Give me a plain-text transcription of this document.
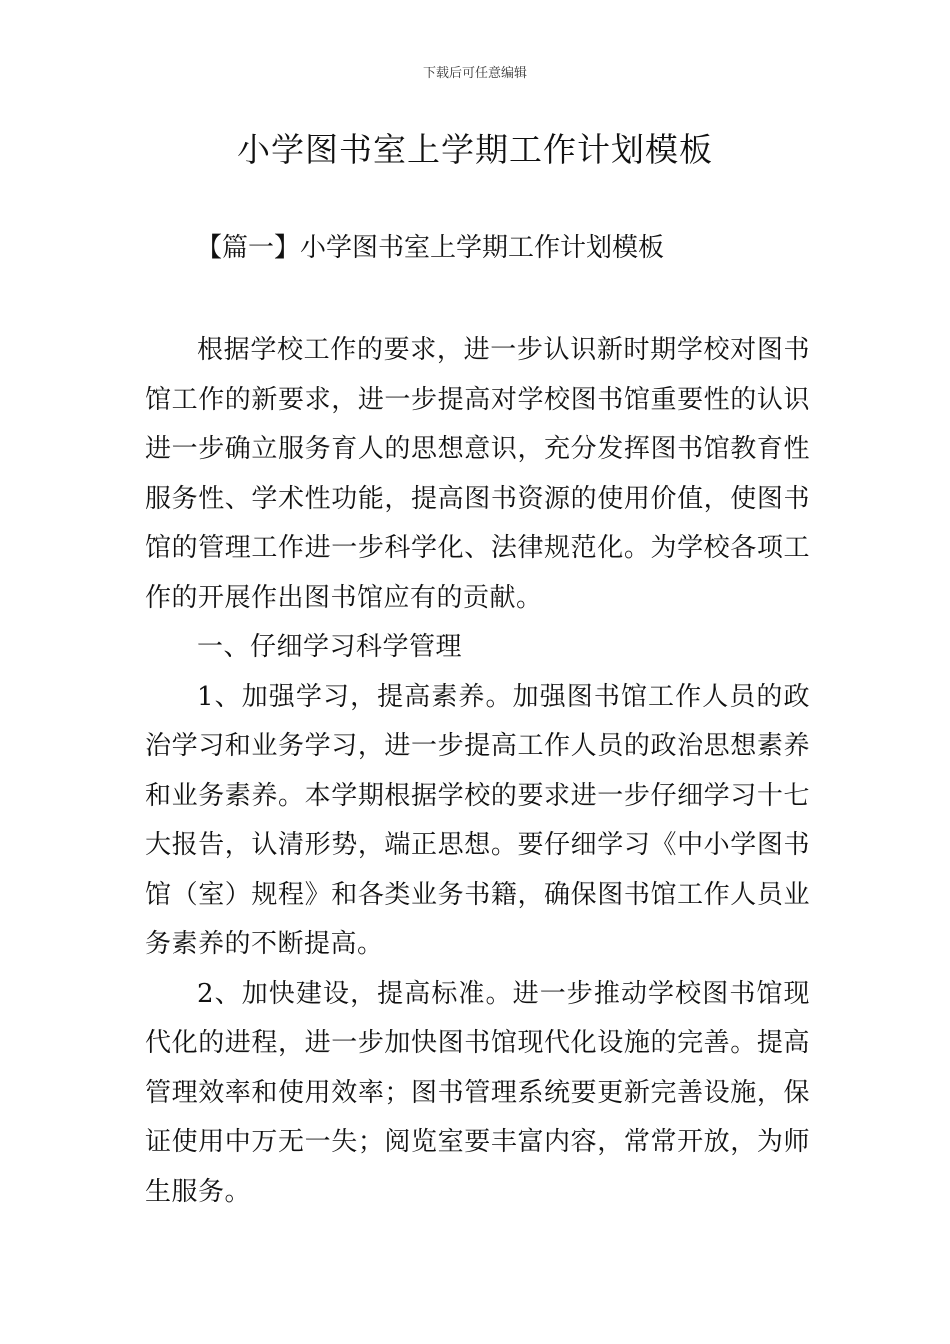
下载后可任意编辑
小学图书室上学期工作计划模板
【篇一】小学图书室上学期工作计划模板

根据学校工作的要求，进一步认识新时期学校对图书馆工作的新要求，进一步提高对学校图书馆重要性的认识进一步确立服务育人的思想意识，充分发挥图书馆教育性服务性、学术性功能，提高图书资源的使用价值，使图书馆的管理工作进一步科学化、法律规范化。为学校各项工作的开展作出图书馆应有的贡献。

一、仔细学习科学管理

1、加强学习，提高素养。加强图书馆工作人员的政治学习和业务学习，进一步提高工作人员的政治思想素养和业务素养。本学期根据学校的要求进一步仔细学习十七大报告，认清形势，端正思想。要仔细学习《中小学图书馆（室）规程》和各类业务书籍，确保图书馆工作人员业务素养的不断提高。

2、加快建设，提高标准。进一步推动学校图书馆现代化的进程，进一步加快图书馆现代化设施的完善。提高管理效率和使用效率；图书管理系统要更新完善设施，保证使用中万无一失；阅览室要丰富内容，常常开放，为师生服务。
